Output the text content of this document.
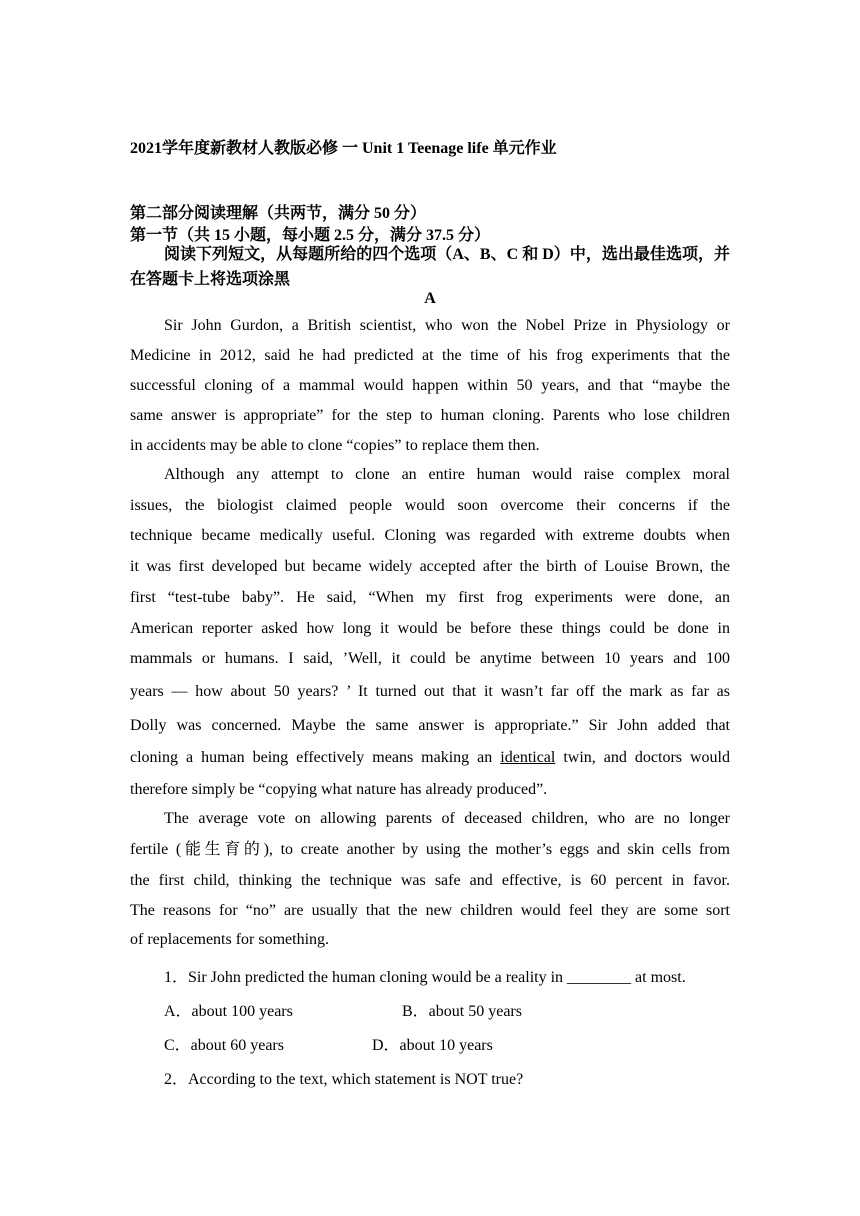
2021学年度新教材人教版必修 一 Unit 1 Teenage life 单元作业
第二部分阅读理解（共两节，满分 50 分）
第一节（共 15 小题，每小题 2.5 分，满分 37.5 分）
阅读下列短文，从每题所给的四个选项（A、B、C 和 D）中，选出最佳选项，并在答题卡上将选项涂黑
A
Sir John Gurdon, a British scientist, who won the Nobel Prize in Physiology or
Medicine in 2012, said he had predicted at the time of his frog experiments that the
successful cloning of a mammal would happen within 50 years, and that “maybe the
same answer is appropriate” for the step to human cloning. Parents who lose children
in accidents may be able to clone “copies” to replace them then.
Although any attempt to clone an entire human would raise complex moral
issues, the biologist claimed people would soon overcome their concerns if the
technique became medically useful. Cloning was regarded with extreme doubts when
it was first developed but became widely accepted after the birth of Louise Brown, the
first “test-tube baby”. He said, “When my first frog experiments were done, an
American reporter asked how long it would be before these things could be done in
mammals or humans. I said, ’Well, it could be anytime between 10 years and 100
years — how about 50 years? ’ It turned out that it wasn’t far off the mark as far as
Dolly was concerned. Maybe the same answer is appropriate.” Sir John added that
cloning a human being effectively means making an identical twin, and doctors would
therefore simply be “copying what nature has already produced”.
The average vote on allowing parents of deceased children, who are no longer
fertile (能生育的), to create another by using the mother’s eggs and skin cells from
the first child, thinking the technique was safe and effective, is 60 percent in favor.
The reasons for “no” are usually that the new children would feel they are some sort
of replacements for something.
1．Sir John predicted the human cloning would be a reality in ________ at most.
A．about 100 years	B．about 50 years
C．about 60 years	D．about 10 years
2．According to the text, which statement is NOT true?
